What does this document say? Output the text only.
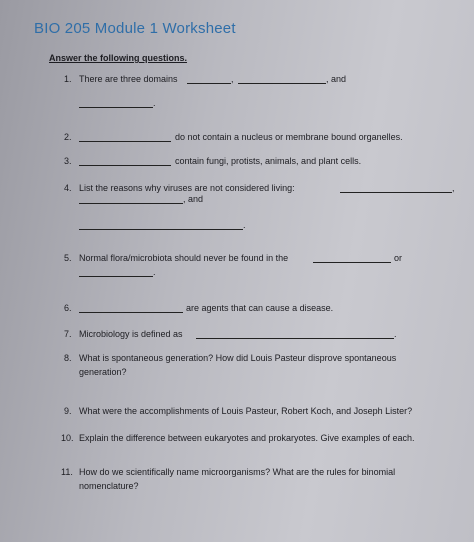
BIO 205 Module 1 Worksheet
Answer the following questions.
1. There are three domains	,	, and
.
2.	do not contain a nucleus or membrane bound organelles.
3.	contain fungi, protists, animals, and plant cells.
4. List the reasons why viruses are not considered living:	,
, and
.
5. Normal flora/microbiota should never be found in the	or
.
6.	are agents that can cause a disease.
7. Microbiology is defined as	.
8. What is spontaneous generation? How did Louis Pasteur disprove spontaneous
generation?
9. What were the accomplishments of Louis Pasteur, Robert Koch, and Joseph Lister?
10. Explain the difference between eukaryotes and prokaryotes. Give examples of each.
11. How do we scientifically name microorganisms? What are the rules for binomial
nomenclature?
